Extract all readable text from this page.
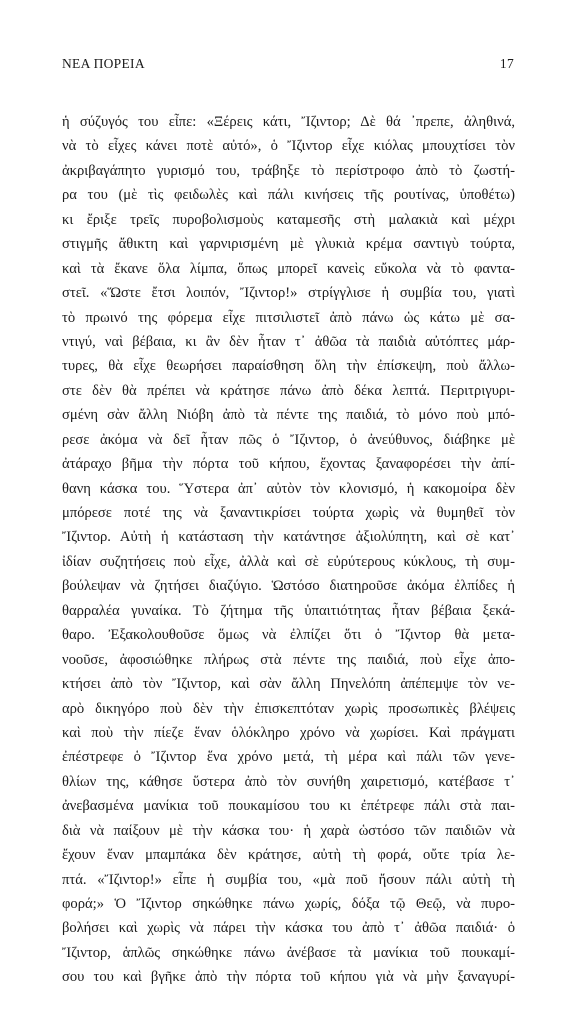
ΝΕΑ ΠΟΡΕΙΑ	17
ἡ σύζυγός του εἶπε: «Ξέρεις κάτι, Ἴζιντορ; Δὲ θά ᾿πρεπε, ἀληθινά,
νὰ τὸ εἶχες κάνει ποτὲ αὐτό», ὁ Ἴζιντορ εἶχε κιόλας μπουχτίσει τὸν
ἀκριβαγάπητο γυρισμό του, τράβηξε τὸ περίστροφο ἀπὸ τὸ ζωστή-
ρα του (μὲ τὶς φειδωλὲς καὶ πάλι κινήσεις τῆς ρουτίνας, ὑποθέτω)
κι ἔριξε τρεῖς πυροβολισμοὺς καταμεσῆς στὴ μαλακιὰ καὶ μέχρι
στιγμῆς ἄθικτη καὶ γαρνιρισμένη μὲ γλυκιὰ κρέμα σαντιγὺ τούρτα,
καὶ τὰ ἔκανε ὅλα λίμπα, ὅπως μπορεῖ κανεὶς εὔκολα νὰ τὸ φαντα-
στεῖ. «Ὥστε ἔτσι λοιπόν, Ἴζιντορ!» στρίγγλισε ἡ συμβία του, γιατὶ
τὸ πρωινό της φόρεμα εἶχε πιτσιλιστεῖ ἀπὸ πάνω ὡς κάτω μὲ σα-
ντιγύ, ναὶ βέβαια, κι ἂν δὲν ἦταν τ᾿ ἀθῶα τὰ παιδιὰ αὐτόπτες μάρ-
τυρες, θὰ εἶχε θεωρήσει παραίσθηση ὅλη τὴν ἐπίσκεψη, ποὺ ἄλλω-
στε δὲν θὰ πρέπει νὰ κράτησε πάνω ἀπὸ δέκα λεπτά. Περιτριγυρι-
σμένη σὰν ἄλλη Νιόβη ἀπὸ τὰ πέντε της παιδιά, τὸ μόνο ποὺ μπό-
ρεσε ἀκόμα νὰ δεῖ ἦταν πῶς ὁ Ἴζιντορ, ὁ ἀνεύθυνος, διάβηκε μὲ
ἀτάραχο βῆμα τὴν πόρτα τοῦ κήπου, ἔχοντας ξαναφορέσει τὴν ἀπί-
θανη κάσκα του. Ὕστερα ἀπ᾿ αὐτὸν τὸν κλονισμό, ἡ κακομοίρα δὲν
μπόρεσε ποτέ της νὰ ξαναντικρίσει τούρτα χωρὶς νὰ θυμηθεῖ τὸν
Ἴζιντορ. Αὐτὴ ἡ κατάσταση τὴν κατάντησε ἀξιολύπητη, καὶ σὲ κατ᾿
ἰδίαν συζητήσεις ποὺ εἶχε, ἀλλὰ καὶ σὲ εὐρύτερους κύκλους, τὴ συμ-
βούλεψαν νὰ ζητήσει διαζύγιο. Ὡστόσο διατηροῦσε ἀκόμα ἐλπίδες ἡ
θαρραλέα γυναίκα. Τὸ ζήτημα τῆς ὑπαιτιότητας ἦταν βέβαια ξεκά-
θαρο. Ἐξακολουθοῦσε ὅμως νὰ ἐλπίζει ὅτι ὁ Ἴζιντορ θὰ μετα-
νοοῦσε, ἀφοσιώθηκε πλήρως στὰ πέντε της παιδιά, ποὺ εἶχε ἀπο-
κτήσει ἀπὸ τὸν Ἴζιντορ, καὶ σὰν ἄλλη Πηνελόπη ἀπέπεμψε τὸν νε-
αρὸ δικηγόρο ποὺ δὲν τὴν ἐπισκεπτόταν χωρὶς προσωπικὲς βλέψεις
καὶ ποὺ τὴν πίεζε ἕναν ὁλόκληρο χρόνο νὰ χωρίσει. Καὶ πράγματι
ἐπέστρεφε ὁ Ἴζιντορ ἕνα χρόνο μετά, τὴ μέρα καὶ πάλι τῶν γενε-
θλίων της, κάθησε ὕστερα ἀπὸ τὸν συνήθη χαιρετισμό, κατέβασε τ᾿
ἀνεβασμένα μανίκια τοῦ πουκαμίσου του κι ἐπέτρεφε πάλι στὰ παι-
διὰ νὰ παίξουν μὲ τὴν κάσκα του· ἡ χαρὰ ὡστόσο τῶν παιδιῶν νὰ
ἔχουν ἕναν μπαμπάκα δὲν κράτησε, αὐτὴ τὴ φορά, οὔτε τρία λε-
πτά. «Ἴζιντορ!» εἶπε ἡ συμβία του, «μὰ ποῦ ἤσουν πάλι αὐτὴ τὴ
φορά;» Ὁ Ἴζιντορ σηκώθηκε πάνω χωρίς, δόξα τῷ Θεῷ, νὰ πυρο-
βολήσει καὶ χωρὶς νὰ πάρει τὴν κάσκα του ἀπὸ τ᾿ ἀθῶα παιδιά· ὁ
Ἴζιντορ, ἁπλῶς σηκώθηκε πάνω ἀνέβασε τὰ μανίκια τοῦ πουκαμί-
σου του καὶ βγῆκε ἀπὸ τὴν πόρτα τοῦ κήπου γιὰ νὰ μὴν ξαναγυρί-
